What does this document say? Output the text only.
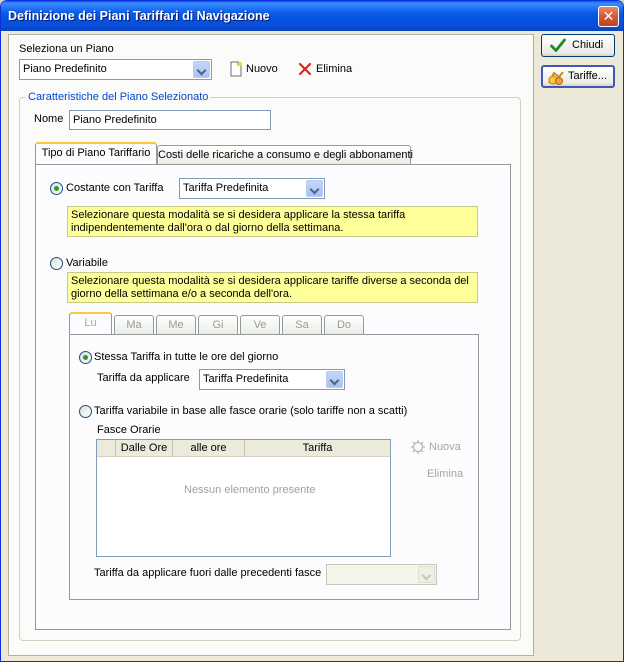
Definizione dei Piani Tariffari di Navigazione	✕
Seleziona un Piano
Piano Predefinito	Nuovo	Elimina
Caratteristiche del Piano Selezionato
Nome Piano Predefinito
Tipo di Piano Tariffario Costi delle ricariche a consumo e degli abbonamenti
Costante con Tariffa Tariffa Predefinita
Selezionare questa modalità se si desidera applicare la stessa tariffa
indipendentemente dall'ora o dal giorno della settimana.
Variabile
Selezionare questa modalità se si desidera applicare tariffe diverse a seconda del
giorno della settimana e/o a seconda dell'ora.
Lu	Ma	Me	Gi	Ve	Sa	Do
Stessa Tariffa in tutte le ore del giorno
Tariffa da applicare Tariffa Predefinita
Tariffa variabile in base alle fasce orarie (solo tariffe non a scatti)
Fasce Orarie
Dalle Ore	alle ore	Tariffa
Nessun elemento presente
Nuova
Elimina
Tariffa da applicare fuori dalle precedenti fasce
Chiudi
Tariffe...
